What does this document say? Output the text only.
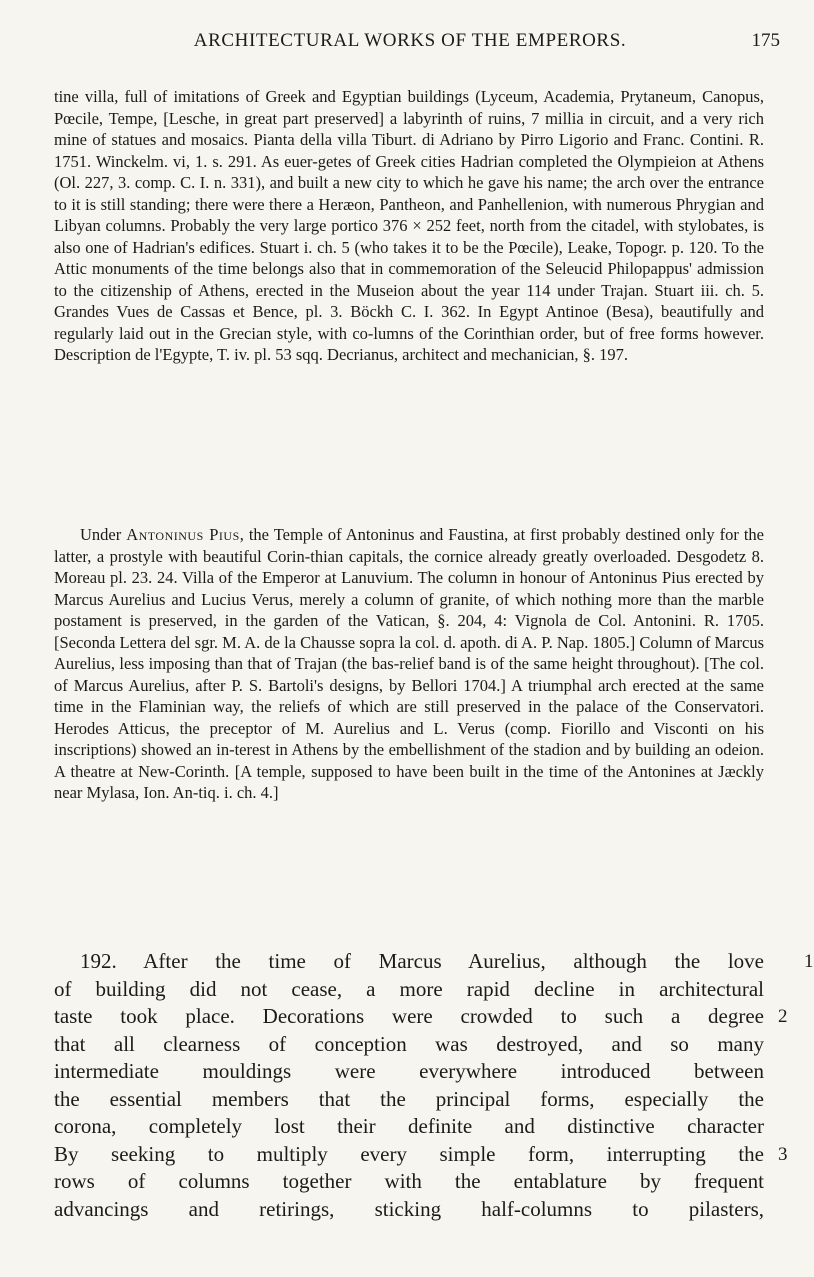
ARCHITECTURAL WORKS OF THE EMPERORS.	175

tine villa, full of imitations of Greek and Egyptian buildings (Lyceum, Academia, Prytaneum, Canopus, Pœcile, Tempe, [Lesche, in great part preserved] a labyrinth of ruins, 7 millia in circuit, and a very rich mine of statues and mosaics. Pianta della villa Tiburt. di Adriano by Pirro Ligorio and Franc. Contini. R. 1751. Winckelm. vi, 1. s. 291. As euer-getes of Greek cities Hadrian completed the Olympieion at Athens (Ol. 227, 3. comp. C. I. n. 331), and built a new city to which he gave his name; the arch over the entrance to it is still standing; there were there a Heræon, Pantheon, and Panhellenion, with numerous Phrygian and Libyan columns. Probably the very large portico 376 × 252 feet, north from the citadel, with stylobates, is also one of Hadrian's edifices. Stuart i. ch. 5 (who takes it to be the Pœcile), Leake, Topogr. p. 120. To the Attic monuments of the time belongs also that in commemoration of the Seleucid Philopappus' admission to the citizenship of Athens, erected in the Museion about the year 114 under Trajan. Stuart iii. ch. 5. Grandes Vues de Cassas et Bence, pl. 3. Böckh C. I. 362. In Egypt Antinoe (Besa), beautifully and regularly laid out in the Grecian style, with co-lumns of the Corinthian order, but of free forms however. Description de l'Egypte, T. iv. pl. 53 sqq. Decrianus, architect and mechanician, §. 197.

Under Antoninus Pius, the Temple of Antoninus and Faustina, at first probably destined only for the latter, a prostyle with beautiful Corin-thian capitals, the cornice already greatly overloaded. Desgodetz 8. Moreau pl. 23. 24. Villa of the Emperor at Lanuvium. The column in honour of Antoninus Pius erected by Marcus Aurelius and Lucius Verus, merely a column of granite, of which nothing more than the marble postament is preserved, in the garden of the Vatican, §. 204, 4: Vignola de Col. Antonini. R. 1705. [Seconda Lettera del sgr. M. A. de la Chausse sopra la col. d. apoth. di A. P. Nap. 1805.] Column of Marcus Aurelius, less imposing than that of Trajan (the bas-relief band is of the same height throughout). [The col. of Marcus Aurelius, after P. S. Bartoli's designs, by Bellori 1704.] A triumphal arch erected at the same time in the Flaminian way, the reliefs of which are still preserved in the palace of the Conservatori. Herodes Atticus, the preceptor of M. Aurelius and L. Verus (comp. Fiorillo and Visconti on his inscriptions) showed an in-terest in Athens by the embellishment of the stadion and by building an odeion. A theatre at New-Corinth. [A temple, supposed to have been built in the time of the Antonines at Jæckly near Mylasa, Ion. An-tiq. i. ch. 4.]

192. After the time of Marcus Aurelius, although the love	1
of building did not cease, a more rapid decline in architectural
taste took place. Decorations were crowded to such a degree 2
that all clearness of conception was destroyed, and so many
intermediate mouldings were everywhere introduced between
the essential members that the principal forms, especially the
corona, completely lost their definite and distinctive character
By seeking to multiply every simple form, interrupting the 3
rows of columns together with the entablature by frequent
advancings and retirings, sticking half-columns to pilasters,
